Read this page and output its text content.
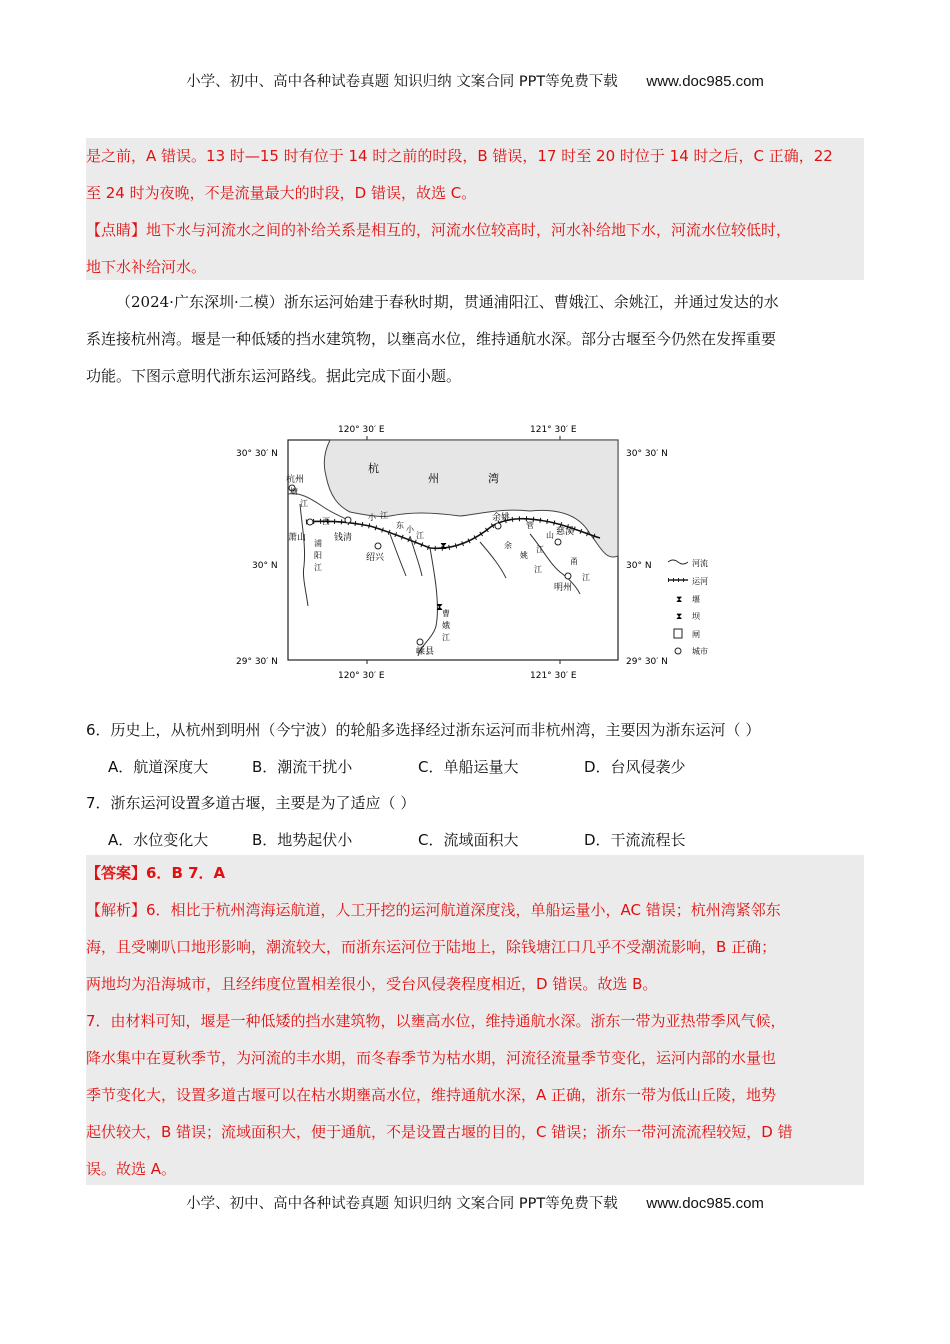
小学、初中、高中各种试卷真题 知识归纳 文案合同 PPT等免费下载 www.doc985.com
是之前，A 错误。13 时—15 时有位于 14 时之前的时段，B 错误，17 时至 20 时位于 14 时之后，C 正确，22
至 24 时为夜晚，不是流量最大的时段，D 错误，故选 C。
【点睛】地下水与河流水之间的补给关系是相互的，河流水位较高时，河水补给地下水，河流水位较低时，
地下水补给河水。
（2024·广东深圳·二模）浙东运河始建于春秋时期，贯通浦阳江、曹娥江、余姚江，并通过发达的水
系连接杭州湾。堰是一种低矮的挡水建筑物，以壅高水位，维持通航水深。部分古堰至今仍然在发挥重要
功能。下图示意明代浙东运河路线。据此完成下面小题。
⧗
⧗
120° 30′ E	121° 30′ E
120° 30′ E	121° 30′ E
30° 30′ N	30° 30′ N
30° N	30° N
29° 30′ N	29° 30′ N
杭
州	湾
杭州
萧山	钱清
绍兴
余姚
慈溪
明州
嵊县
塘
江
西	小 江
浦
阳
江
东 小
江
余
姚
江
曹
娥
江
管
山
江
甬
江
河流
运河
⧗ 堰
⧗ 坝
闸
城市
6．历史上，从杭州到明州（今宁波）的轮船多选择经过浙东运河而非杭州湾，主要因为浙东运河（ ）
A．航道深度大	B．潮流干扰小	C．单船运量大	D．台风侵袭少
7．浙东运河设置多道古堰，主要是为了适应（ ）
A．水位变化大	B．地势起伏小	C．流域面积大	D．干流流程长
【答案】6．B 7．A
【解析】6．相比于杭州湾海运航道，人工开挖的运河航道深度浅，单船运量小，AC 错误；杭州湾紧邻东
海，且受喇叭口地形影响，潮流较大，而浙东运河位于陆地上，除钱塘江口几乎不受潮流影响，B 正确；
两地均为沿海城市，且经纬度位置相差很小，受台风侵袭程度相近，D 错误。故选 B。
7．由材料可知，堰是一种低矮的挡水建筑物，以壅高水位，维持通航水深。浙东一带为亚热带季风气候，
降水集中在夏秋季节，为河流的丰水期，而冬春季节为枯水期，河流径流量季节变化，运河内部的水量也
季节变化大，设置多道古堰可以在枯水期壅高水位，维持通航水深，A 正确，浙东一带为低山丘陵，地势
起伏较大，B 错误；流域面积大，便于通航，不是设置古堰的目的，C 错误；浙东一带河流流程较短，D 错
误。故选 A。
小学、初中、高中各种试卷真题 知识归纳 文案合同 PPT等免费下载 www.doc985.com
